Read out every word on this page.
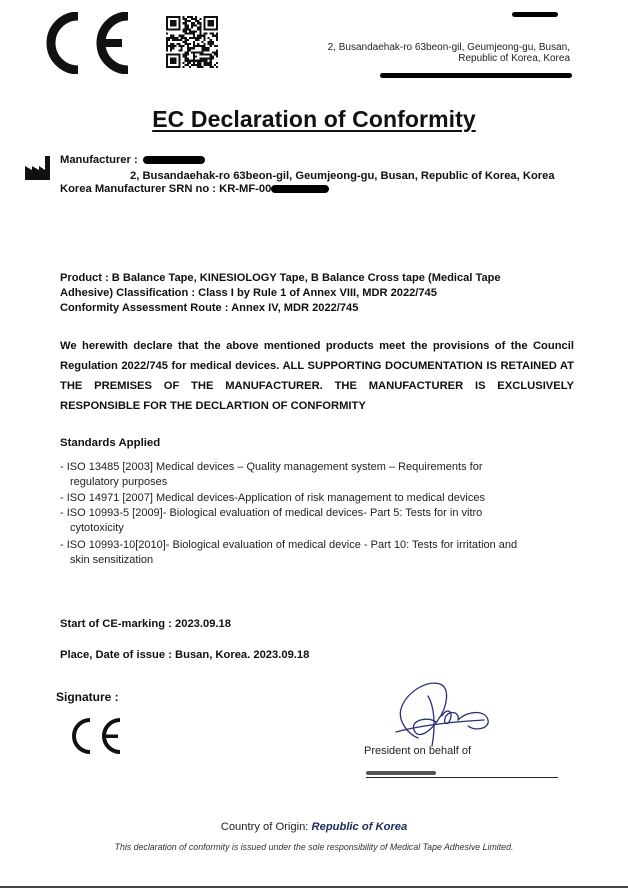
2, Busandaehak-ro 63beon-gil, Geumjeong-gu, Busan,
Republic of Korea, Korea
EC Declaration of Conformity
Manufacturer :
2, Busandaehak-ro 63beon-gil, Geumjeong-gu, Busan, Republic of Korea, Korea
Korea Manufacturer SRN no : KR-MF-00
Product : B Balance Tape, KINESIOLOGY Tape, B Balance Cross tape (Medical Tape
Adhesive) Classification : Class I by Rule 1 of Annex VIII, MDR 2022/745
Conformity Assessment Route : Annex IV, MDR 2022/745
We herewith declare that the above mentioned products meet the provisions of the Council Regulation 2022/745 for medical devices. ALL SUPPORTING DOCUMENTATION IS RETAINED AT THE PREMISES OF THE MANUFACTURER. THE MANUFACTURER IS EXCLUSIVELY RESPONSIBLE FOR THE DECLARTION OF CONFORMITY
Standards Applied
- ISO 13485 [2003] Medical devices – Quality management system – Requirements for
regulatory purposes
- ISO 14971 [2007] Medical devices-Application of risk management to medical devices
- ISO 10993-5 [2009]- Biological evaluation of medical devices- Part 5: Tests for in vitro
cytotoxicity
- ISO 10993-10[2010]- Biological evaluation of medical device - Part 10: Tests for irritation and
skin sensitization
Start of CE-marking : 2023.09.18
Place, Date of issue : Busan, Korea. 2023.09.18
Signature :
President on behalf of
Country of Origin: Republic of Korea
This declaration of conformity is issued under the sole responsibility of Medical Tape Adhesive Limited.
